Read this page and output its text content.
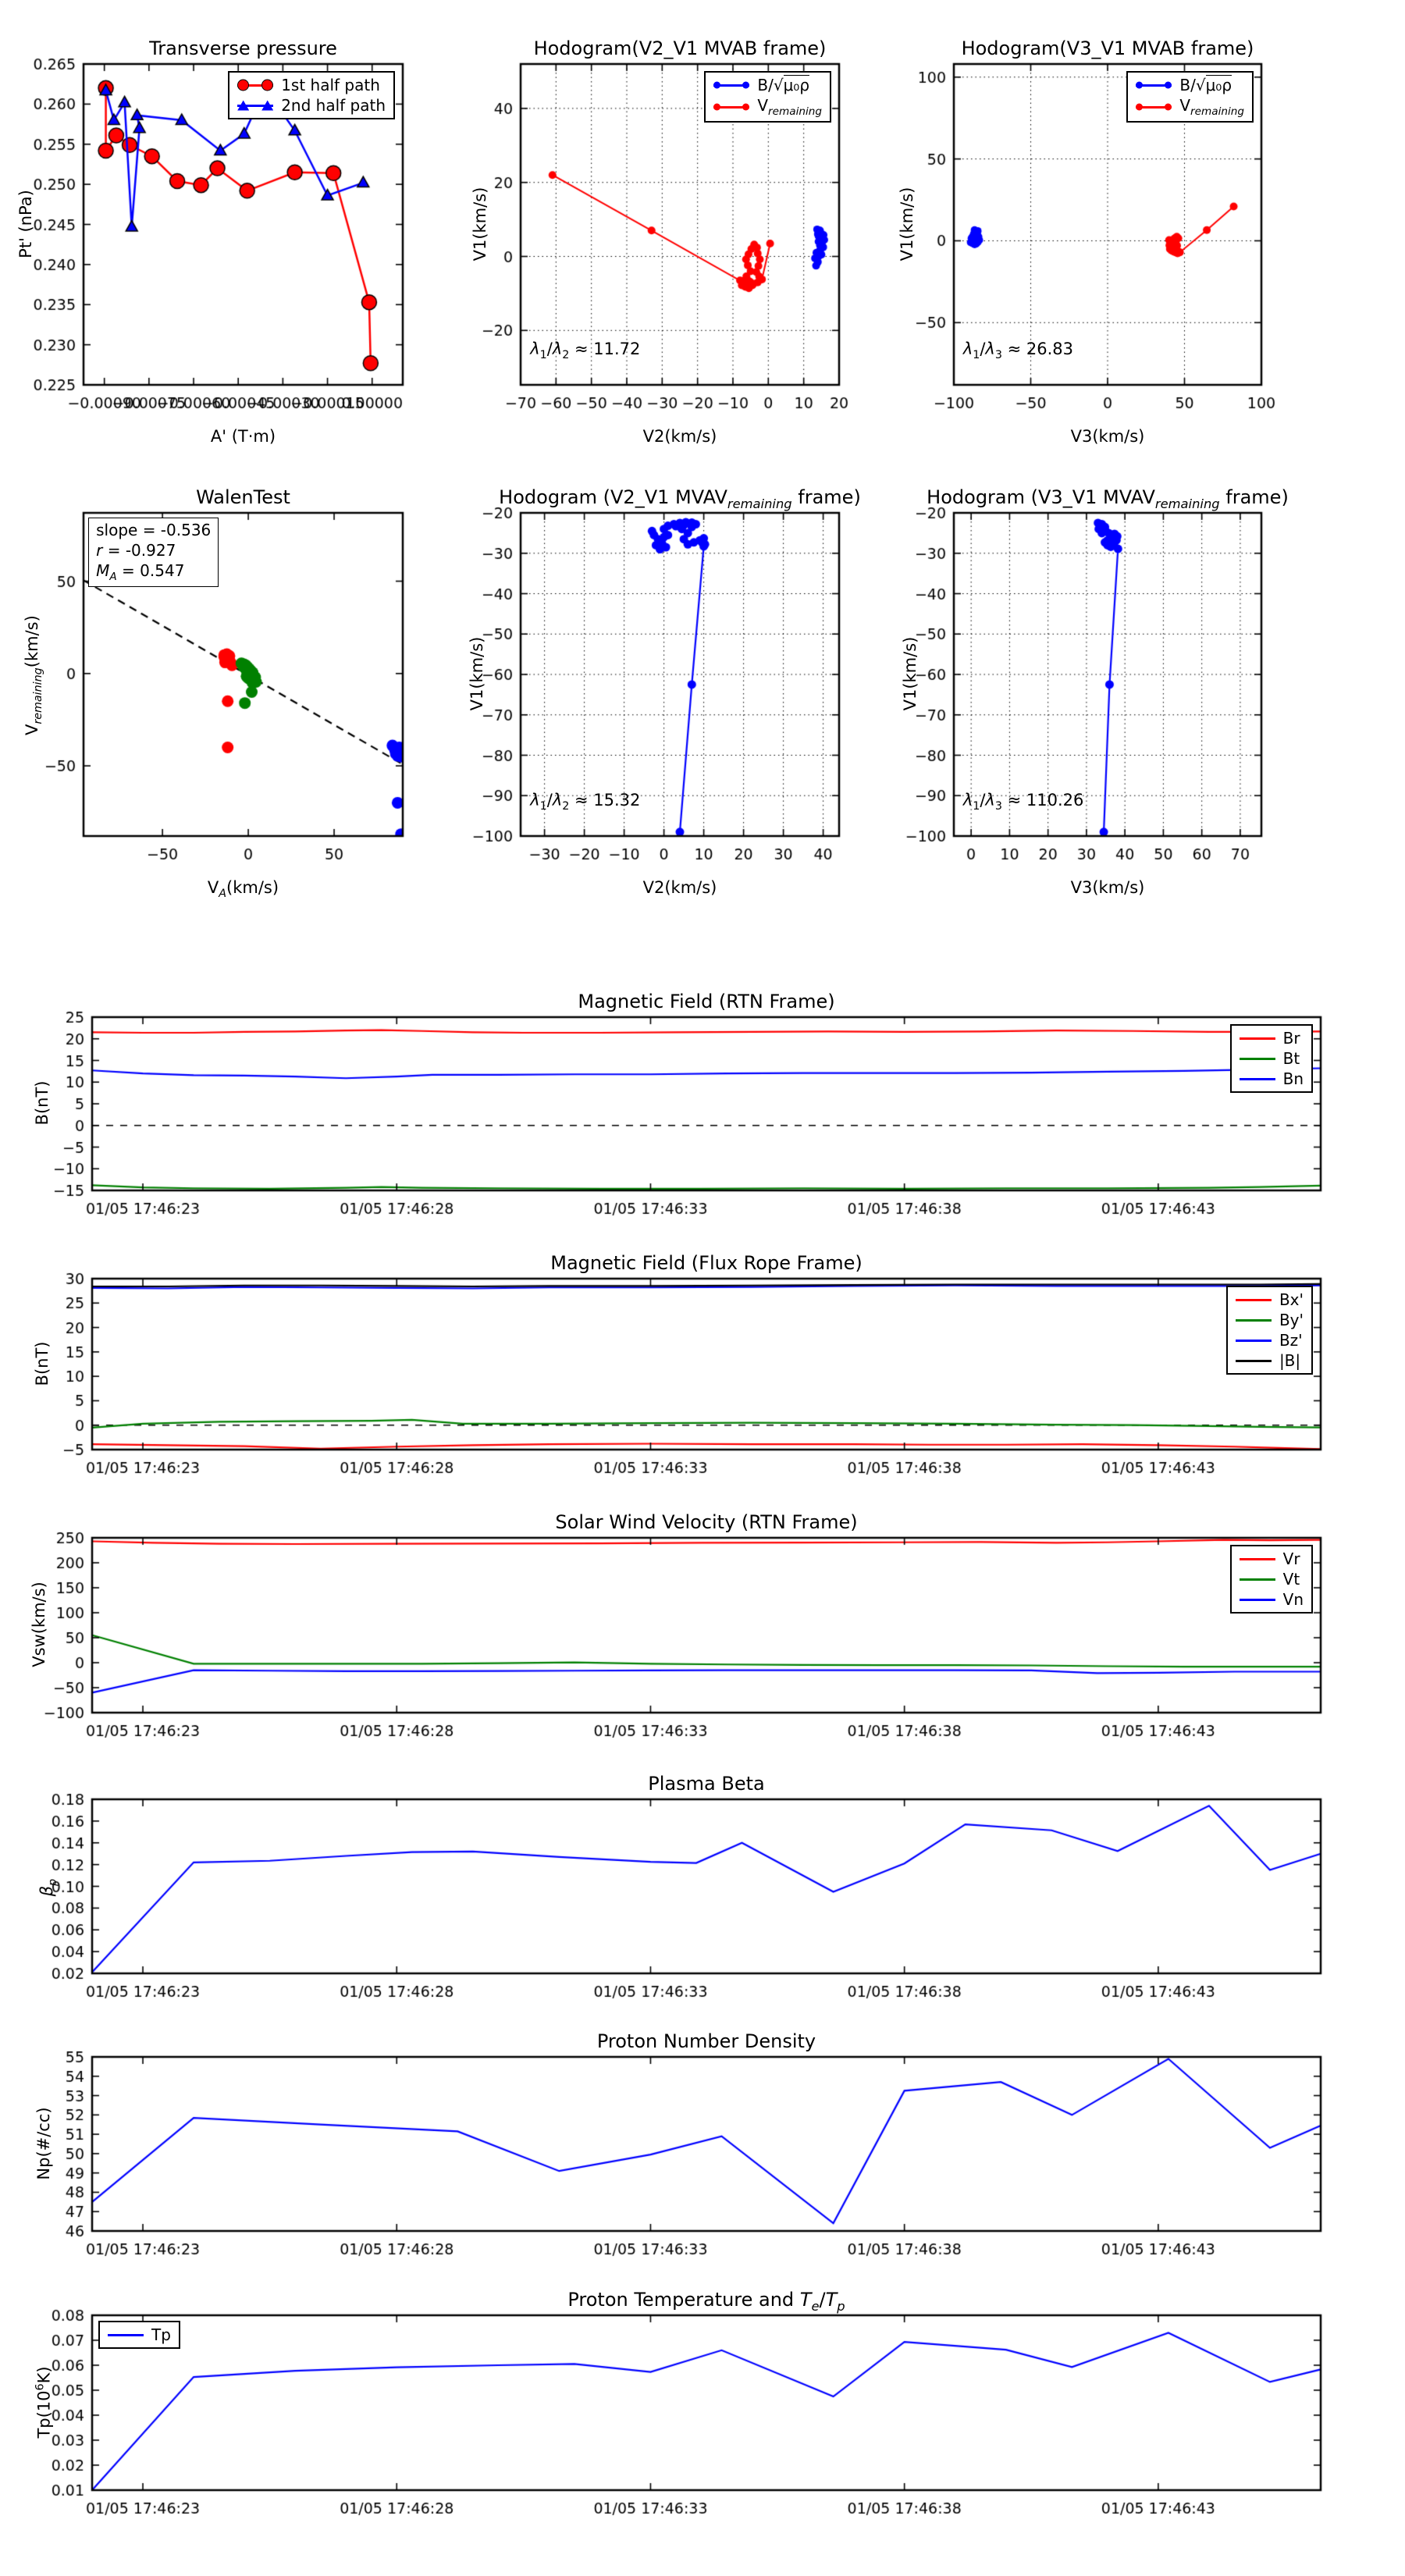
Transverse pressure
A' (T·m)
Pt' (nPa)
Hodogram(V2_V1 MVAB frame)
V2(km/s)
V1(km/s)
Hodogram(V3_V1 MVAB frame)
V3(km/s)
V1(km/s)
WalenTest
$V_A(km/s)$
$V_{remaining}(km/s)$
Hodogram (V2_V1 $MVAV_{remaining}$ frame)
V2(km/s)
V1(km/s)
Hodogram (V3_V1 $MVAV_{remaining}$ frame)
V3(km/s)
V1(km/s)
Magnetic Field (RTN Frame)
B(nT)
Magnetic Field (Flux Rope Frame)
B(nT)
Solar Wind Velocity (RTN Frame)
Vsw(km/s)
Plasma Beta
$\beta_p$
Proton Number Density
Np(#/cc)
Proton Temperature and $T_e/T_p$
$Tp(10^6K)$
1st half path
2nd half path
B/√μ₀ρ
$V_{remaining}$
$\lambda_1/\lambda_2 \approx 11.72$
B/√μ₀ρ
$V_{remaining}$
$\lambda_1/\lambda_3 \approx 26.83$
slope = -0.536
r = -0.927
$M_A = 0.547$
$\lambda_1/\lambda_2 \approx 15.32$	$\lambda_1/\lambda_3 \approx 110.26$
Br
Bt
Bn
Bx'
By'
Bz'
|B|
Vr
Vt
Vn
Tp
